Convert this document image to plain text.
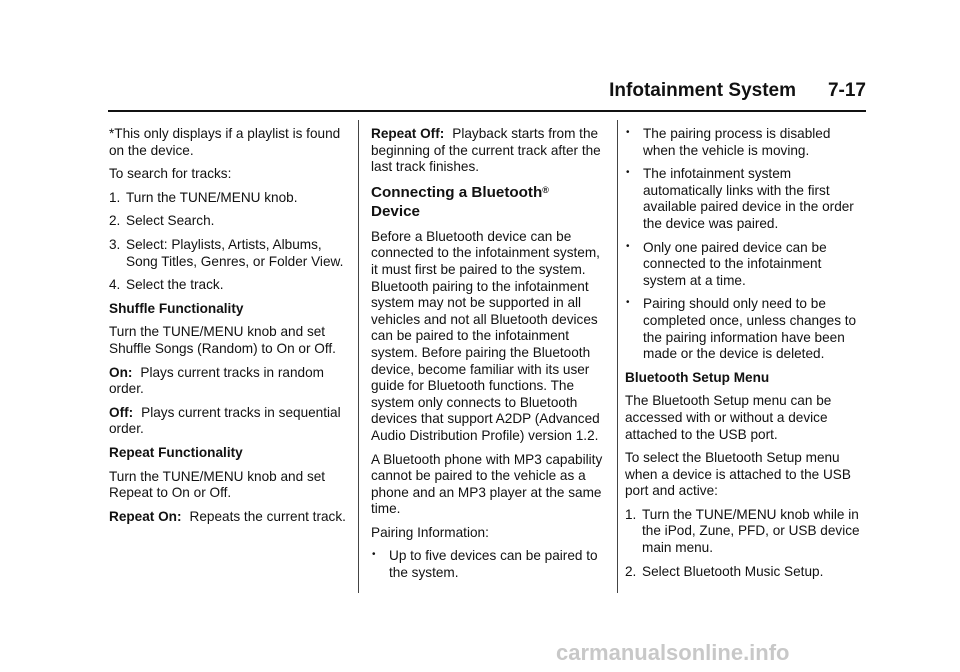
Infotainment System 7-17

*This only displays if a playlist is found on the device.

To search for tracks:

1. Turn the TUNE/MENU knob.
2. Select Search.
3. Select: Playlists, Artists, Albums, Song Titles, Genres, or Folder View.
4. Select the track.

Shuffle Functionality

Turn the TUNE/MENU knob and set Shuffle Songs (Random) to On or Off.

On: Plays current tracks in random order.

Off: Plays current tracks in sequential order.

Repeat Functionality

Turn the TUNE/MENU knob and set Repeat to On or Off.

Repeat On: Repeats the current track.

Repeat Off: Playback starts from the beginning of the current track after the last track finishes.

Connecting a Bluetooth®
Device

Before a Bluetooth device can be connected to the infotainment system, it must first be paired to the system. Bluetooth pairing to the infotainment system may not be supported in all vehicles and not all Bluetooth devices can be paired to the infotainment system. Before pairing the Bluetooth device, become familiar with its user guide for Bluetooth functions. The system only connects to Bluetooth devices that support A2DP (Advanced Audio Distribution Profile) version 1.2.

A Bluetooth phone with MP3 capability cannot be paired to the vehicle as a phone and an MP3 player at the same time.

Pairing Information:

• Up to five devices can be paired to the system.
• The pairing process is disabled when the vehicle is moving.
• The infotainment system automatically links with the first available paired device in the order the device was paired.
• Only one paired device can be connected to the infotainment system at a time.
• Pairing should only need to be completed once, unless changes to the pairing information have been made or the device is deleted.

Bluetooth Setup Menu

The Bluetooth Setup menu can be accessed with or without a device attached to the USB port.

To select the Bluetooth Setup menu when a device is attached to the USB port and active:

1. Turn the TUNE/MENU knob while in the iPod, Zune, PFD, or USB device main menu.
2. Select Bluetooth Music Setup.
carmanualsonline.info
